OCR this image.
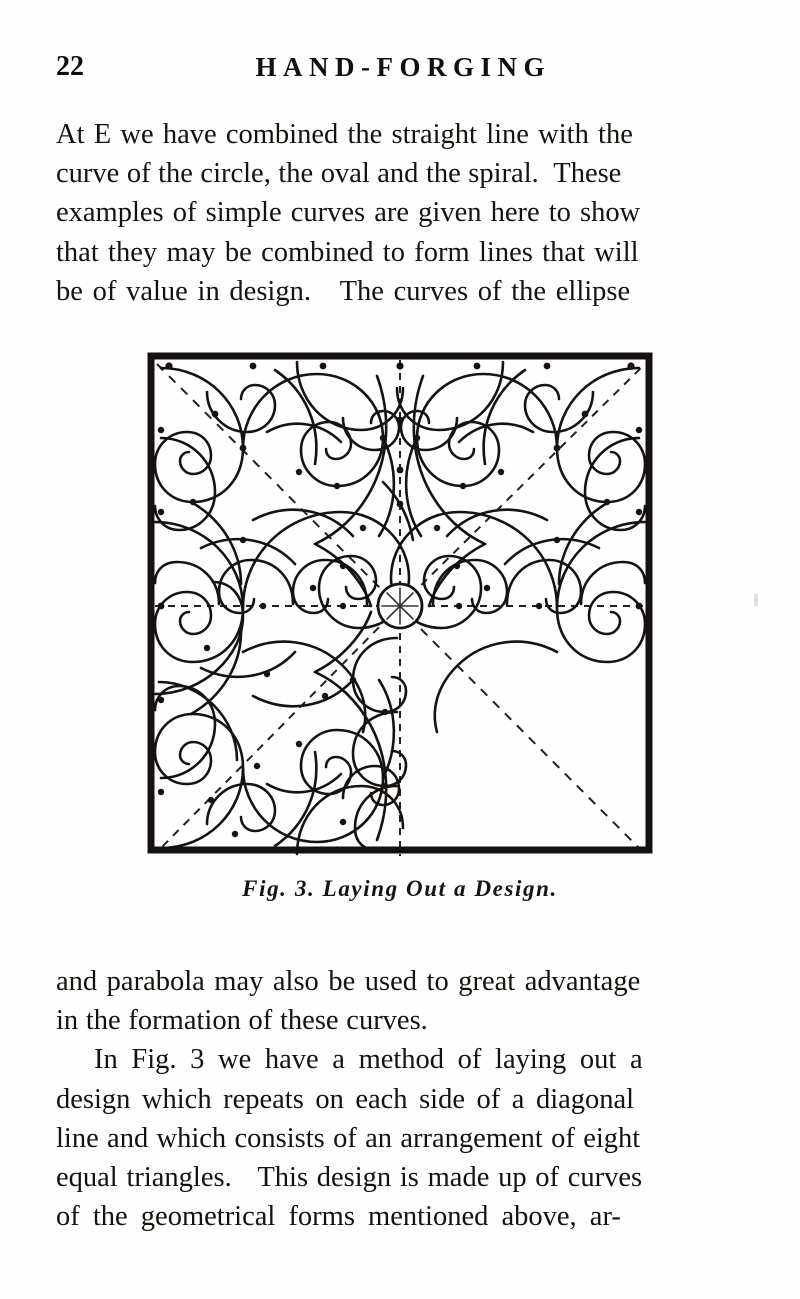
22	HAND-FORGING

At E we have combined the straight line with the
curve of the circle, the oval and the spiral.  These
examples of simple curves are given here to show
that they may be combined to form lines that will
be of value in design.   The curves of the ellipse

Fig. 3. Laying Out a Design.

and parabola may also be used to great advantage
in the formation of these curves.

In Fig. 3 we have a method of laying out a
design which repeats on each side of a diagonal
line and which consists of an arrangement of eight
equal triangles.   This design is made up of curves
of the geometrical forms mentioned above, ar-
